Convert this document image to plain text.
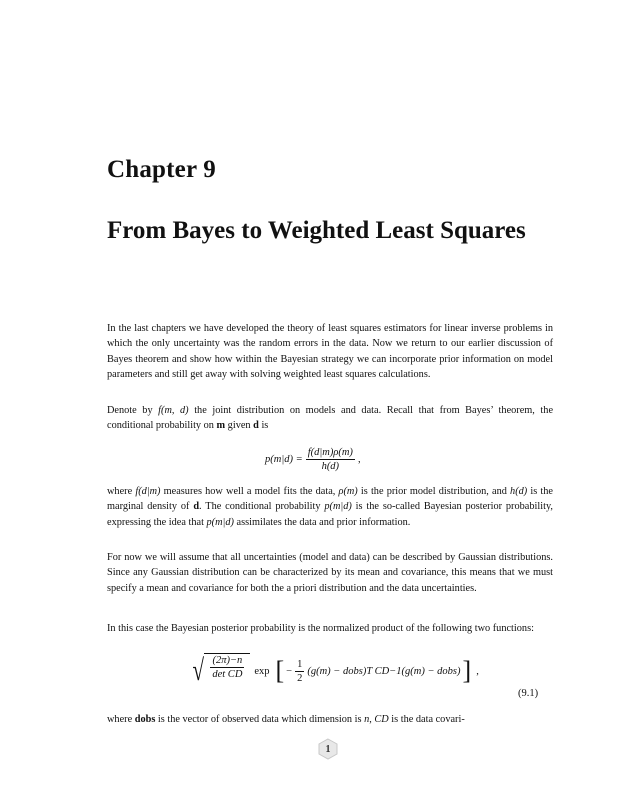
Chapter 9
From Bayes to Weighted Least Squares

In the last chapters we have developed the theory of least squares estimators for linear inverse problems in which the only uncertainty was the random errors in the data. Now we return to our earlier discussion of Bayes theorem and show how within the Bayesian strategy we can incorporate prior information on model parameters and still get away with solving weighted least squares calculations.

Denote by f(m, d) the joint distribution on models and data. Recall that from Bayes’ theorem, the conditional probability on m given d is

$p(m|d) = \frac{f(d|m)\rho(m)}{h(d)}$ ,

where f(d|m) measures how well a model fits the data, ρ(m) is the prior model distribution, and h(d) is the marginal density of d. The conditional probability p(m|d) is the so-called Bayesian posterior probability, expressing the idea that p(m|d) assimilates the data and prior information.

For now we will assume that all uncertainties (model and data) can be described by Gaussian distributions. Since any Gaussian distribution can be characterized by its mean and covariance, this means that we must specify a mean and covariance for both the a priori distribution and the data uncertainties.

In this case the Bayesian posterior probability is the normalized product of the following two functions:

√ $\frac{(2\pi)-n}{\text{det CD}}$ exp [ − $\frac{1}{2} (g(m)$ − dobs)T CD−1(g(m) − dobs) ] ,
(9.1)

where dobs is the vector of observed data which dimension is n, CD is the data covari-

1
